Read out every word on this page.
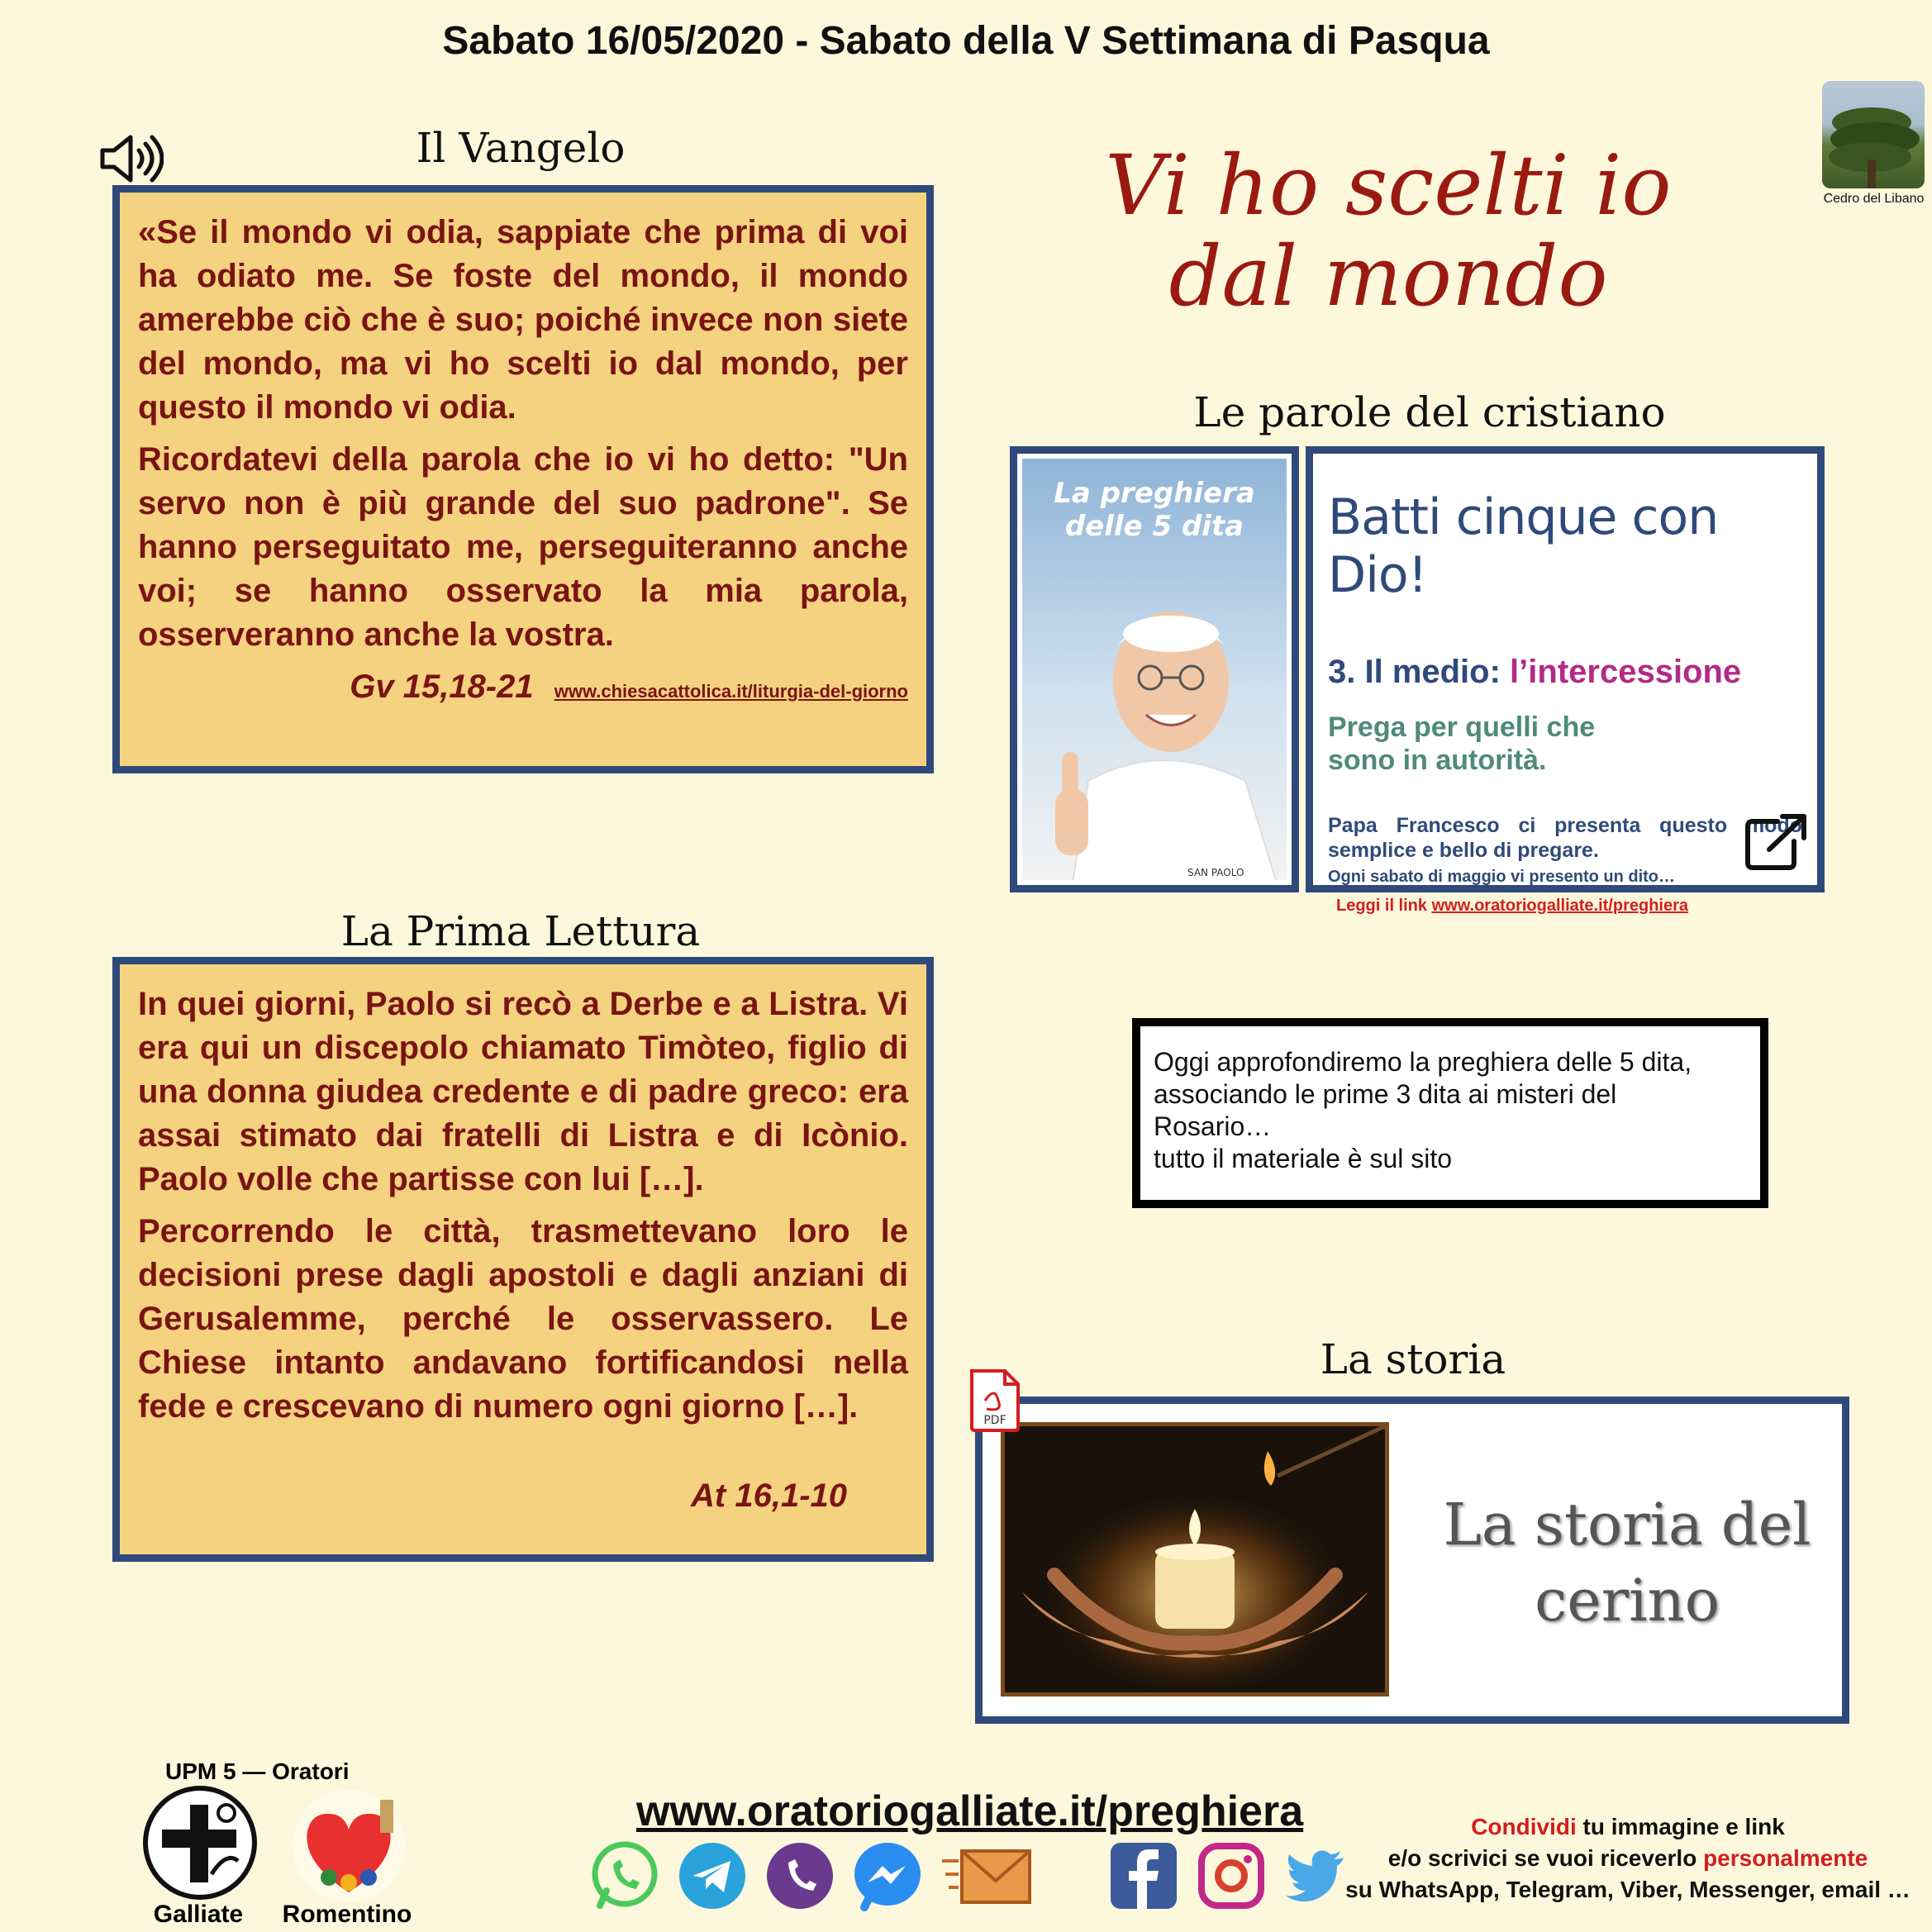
Sabato 16/05/2020 - Sabato della V Settimana di Pasqua
Il Vangelo

«Se il mondo vi odia, sappiate che prima di voi ha odiato me. Se foste del mondo, il mondo amerebbe ciò che è suo; poiché invece non siete del mondo, ma vi ho scelti io dal mondo, per questo il mondo vi odia.

Ricordatevi della parola che io vi ho detto: "Un servo non è più grande del suo padrone". Se hanno perseguitato me, perseguiteranno anche voi; se hanno osservato la mia parola, osserveranno anche la vostra.

Gv 15,18-21 www.chiesacattolica.it/liturgia-del-giorno
Vi ho scelti io
dal mondo
Cedro del Libano
Le parole del cristiano
La preghiera
delle 5 dita
SAN PAOLO
Batti cinque con Dio!
3. Il medio: l’intercessione
Prega per quelli che
sono in autorità.
Papa Francesco ci presenta questo modo semplice e bello di pregare.
Ogni sabato di maggio vi presento un dito…
Leggi il link www.oratoriogalliate.it/preghiera
La Prima Lettura

In quei giorni, Paolo si recò a Derbe e a Listra. Vi era qui un discepolo chiamato Timòteo, figlio di una donna giudea credente e di padre greco: era assai stimato dai fratelli di Listra e di Icònio. Paolo volle che partisse con lui […].

Percorrendo le città, trasmettevano loro le decisioni prese dagli apostoli e dagli anziani di Gerusalemme, perché le osservassero. Le Chiese intanto andavano fortificandosi nella fede e crescevano di numero ogni giorno […].

At 16,1-10
Oggi approfondiremo la preghiera delle 5 dita,
associando le prime 3 dita ai misteri del
Rosario…
tutto il materiale è sul sito
La storia
La storia del
cerino
PDF
UPM 5 — Oratori
Galliate	Romentino
www.oratoriogalliate.it/preghiera	Condividi tu immagine e link
e/o scrivici se vuoi riceverlo personalmente
su WhatsApp, Telegram, Viber, Messenger, email …
